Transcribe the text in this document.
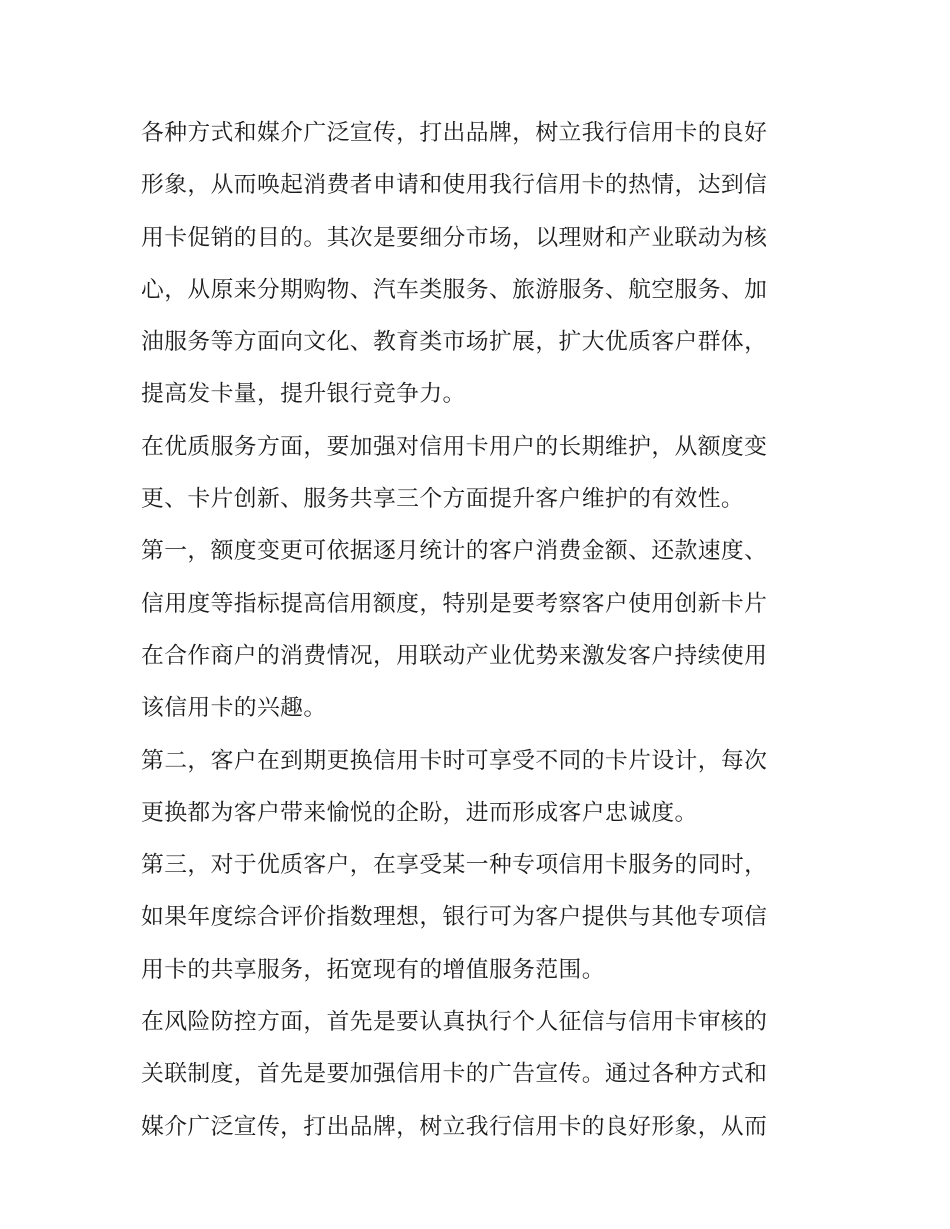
各种方式和媒介广泛宣传，打出品牌，树立我行信用卡的良好
形象，从而唤起消费者申请和使用我行信用卡的热情，达到信
用卡促销的目的。其次是要细分市场，以理财和产业联动为核
心，从原来分期购物、汽车类服务、旅游服务、航空服务、加
油服务等方面向文化、教育类市场扩展，扩大优质客户群体，
提高发卡量，提升银行竞争力。
在优质服务方面，要加强对信用卡用户的长期维护，从额度变
更、卡片创新、服务共享三个方面提升客户维护的有效性。
第一，额度变更可依据逐月统计的客户消费金额、还款速度、
信用度等指标提高信用额度，特别是要考察客户使用创新卡片
在合作商户的消费情况，用联动产业优势来激发客户持续使用
该信用卡的兴趣。
第二，客户在到期更换信用卡时可享受不同的卡片设计，每次
更换都为客户带来愉悦的企盼，进而形成客户忠诚度。
第三，对于优质客户，在享受某一种专项信用卡服务的同时，
如果年度综合评价指数理想，银行可为客户提供与其他专项信
用卡的共享服务，拓宽现有的增值服务范围。
在风险防控方面，首先是要认真执行个人征信与信用卡审核的
关联制度，首先是要加强信用卡的广告宣传。通过各种方式和
媒介广泛宣传，打出品牌，树立我行信用卡的良好形象，从而
